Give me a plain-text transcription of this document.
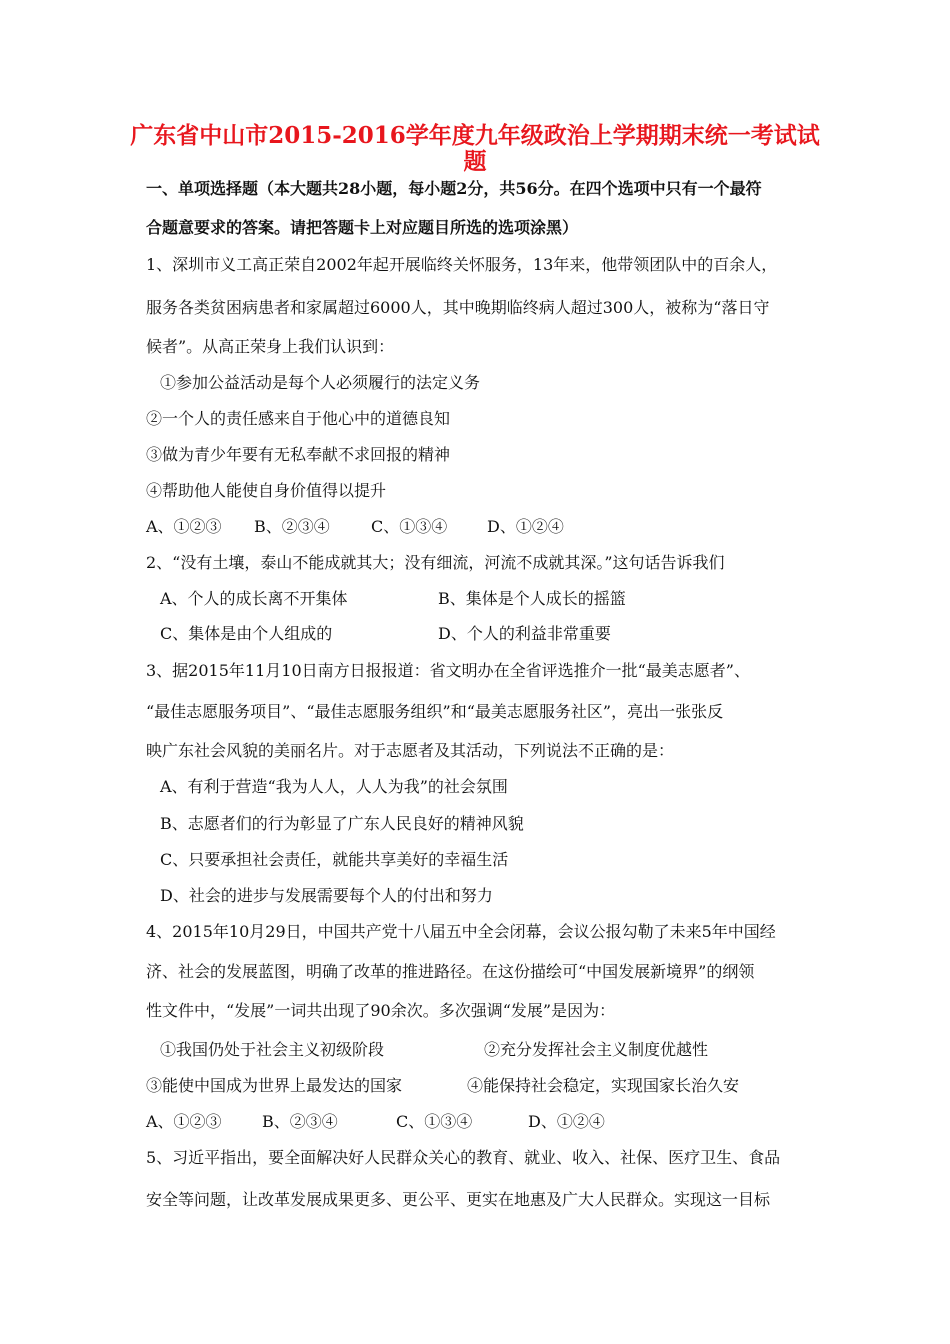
广东省中山市2015-2016学年度九年级政治上学期期末统一考试试
题
一、单项选择题（本大题共28小题，每小题2分，共56分。在四个选项中只有一个最符
合题意要求的答案。请把答题卡上对应题目所选的选项涂黑）
1、深圳市义工高正荣自2002年起开展临终关怀服务，13年来，他带领团队中的百余人，
服务各类贫困病患者和家属超过6000人，其中晚期临终病人超过300人，被称为“落日守
候者”。从高正荣身上我们认识到：
①参加公益活动是每个人必须履行的法定义务
②一个人的责任感来自于他心中的道德良知
③做为青少年要有无私奉献不求回报的精神
④帮助他人能使自身价值得以提升
A、①②③ B、②③④	C、①③④ D、①②④
2、“没有土壤，泰山不能成就其大；没有细流，河流不成就其深。”这句话告诉我们
A、个人的成长离不开集体	B、集体是个人成长的摇篮
C、集体是由个人组成的	D、个人的利益非常重要
3、据2015年11月10日南方日报报道：省文明办在全省评选推介一批“最美志愿者”、
“最佳志愿服务项目”、“最佳志愿服务组织”和“最美志愿服务社区”，亮出一张张反
映广东社会风貌的美丽名片。对于志愿者及其活动，下列说法不正确的是：
A、有利于营造“我为人人，人人为我”的社会氛围
B、志愿者们的行为彰显了广东人民良好的精神风貌
C、只要承担社会责任，就能共享美好的幸福生活
D、社会的进步与发展需要每个人的付出和努力
4、2015年10月29日，中国共产党十八届五中全会闭幕，会议公报勾勒了未来5年中国经
济、社会的发展蓝图，明确了改革的推进路径。在这份描绘可“中国发展新境界”的纲领
性文件中，“发展”一词共出现了90余次。多次强调“发展”是因为：
①我国仍处于社会主义初级阶段	②充分发挥社会主义制度优越性
③能使中国成为世界上最发达的国家	④能保持社会稳定，实现国家长治久安
A、①②③	B、②③④	C、①③④	D、①②④
5、习近平指出，要全面解决好人民群众关心的教育、就业、收入、社保、医疗卫生、食品
安全等问题，让改革发展成果更多、更公平、更实在地惠及广大人民群众。实现这一目标
